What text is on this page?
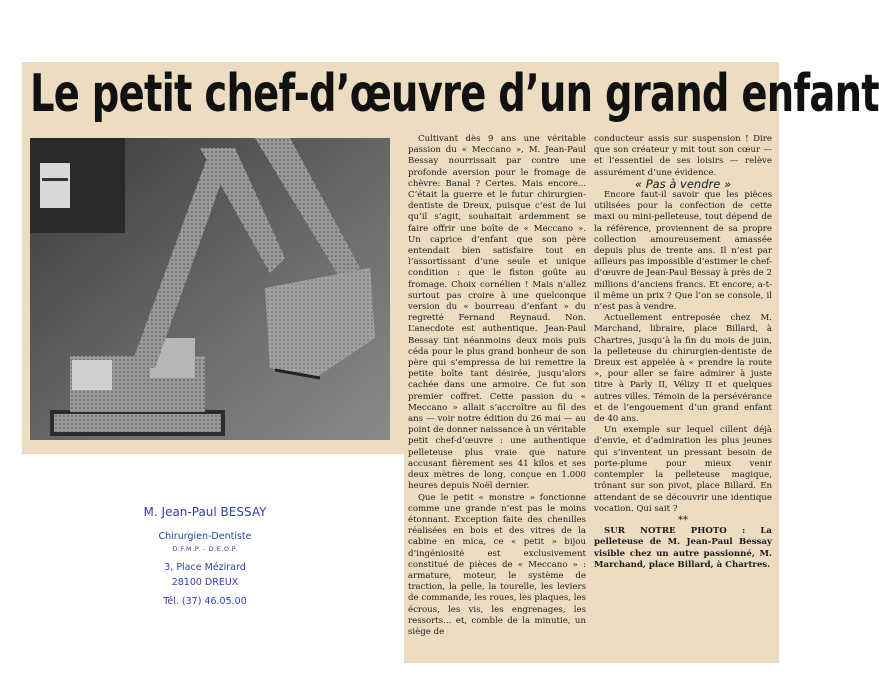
Le petit chef-d’œuvre d’un grand enfant

Cultivant dès 9 ans une véritable passion du « Meccano », M. Jean-Paul Bessay nourrissait par contre une profonde aversion pour le fromage de chèvre: Banal ? Certes. Mais encore... C’était la guerre et le futur chirurgien-dentiste de Dreux, puisque c’est de lui qu’il s’agit, souhaitait ardemment se faire offrir une boîte de « Meccano ». Un caprice d’enfant que son père entendait bien satisfaire tout en l’assortissant d’une seule et unique condition : que le fiston goûte au fromage. Choix cornélien ! Mais n’allez surtout pas croire à une quelconque version du « bourreau d’enfant » du regretté Fernand Reynaud. Non. L’anecdote est authentique. Jean-Paul Bessay tint néanmoins deux mois puis céda pour le plus grand bonheur de son père qui s’empressa de lui remettre la petite boîte tant désirée, jusqu’alors cachée dans une armoire. Ce fut son premier coffret. Cette passion du « Meccano » allait s’accroître au fil des ans — voir notre édition du 26 mai — au point de donner naissance à un véritable petit chef-d’œuvre : une authentique pelleteuse plus vraie que nature accusant fièrement ses 41 kilos et ses deux mètres de long, conçue en 1.000 heures depuis Noël dernier.

Que le petit « monstre » fonctionne comme une grande n’est pas le moins étonnant. Exception faite des chenilles réalisées en bois et des vitres de la cabine en mica, ce « petit » bijou d’ingéniosité est exclusivement constitué de pièces de « Meccano » : armature, moteur, le système de traction, la pelle, la tourelle, les leviers de commande, les roues, les plaques, les écrous, les vis, les engrenages, les ressorts... et, comble de la minutie, un siège de

conducteur assis sur suspension ! Dire que son créateur y mit tout son cœur — et l’essentiel de ses loisirs — relève assurément d’une évidence.

« Pas à vendre »

Encore faut-il savoir que les pièces utilisées pour la confection de cette maxi ou mini-pelleteuse, tout dépend de la référence, proviennent de sa propre collection amoureusement amassée depuis plus de trente ans. Il n’est par ailleurs pas impossible d’estimer le chef-d’œuvre de Jean-Paul Bessay à près de 2 millions d’anciens francs. Et encore, a-t-il même un prix ? Que l’on se console, il n’est pas à vendre.

Actuellement entreposée chez M. Marchand, libraire, place Billard, à Chartres, jusqu’à la fin du mois de juin, la pelleteuse du chirurgien-dentiste de Dreux est appelée à « prendre la route », pour aller se faire admirer à juste titre à Parly II, Vélizy II et quelques autres villes. Témoin de la persévérance et de l’engouement d’un grand enfant de 40 ans.

Un exemple sur lequel cillent déjà d’envie, et d’admiration les plus jeunes qui s’inventent un pressant besoin de porte-plume pour mieux venir contempler la pelleteuse magique, trônant sur son pivot, place Billard. En attendant de se découvrir une identique vocation. Qui sait ?

**

SUR NOTRE PHOTO : La pelleteuse de M. Jean-Paul Bessay visible chez un autre passionné, M. Marchand, place Billard, à Chartres.

M. Jean-Paul BESSAY
Chirurgien-Dentiste
D.F.M.P. - D.E.O.P.
3, Place Mézirard
28100 DREUX
Tél. (37) 46.05.00
